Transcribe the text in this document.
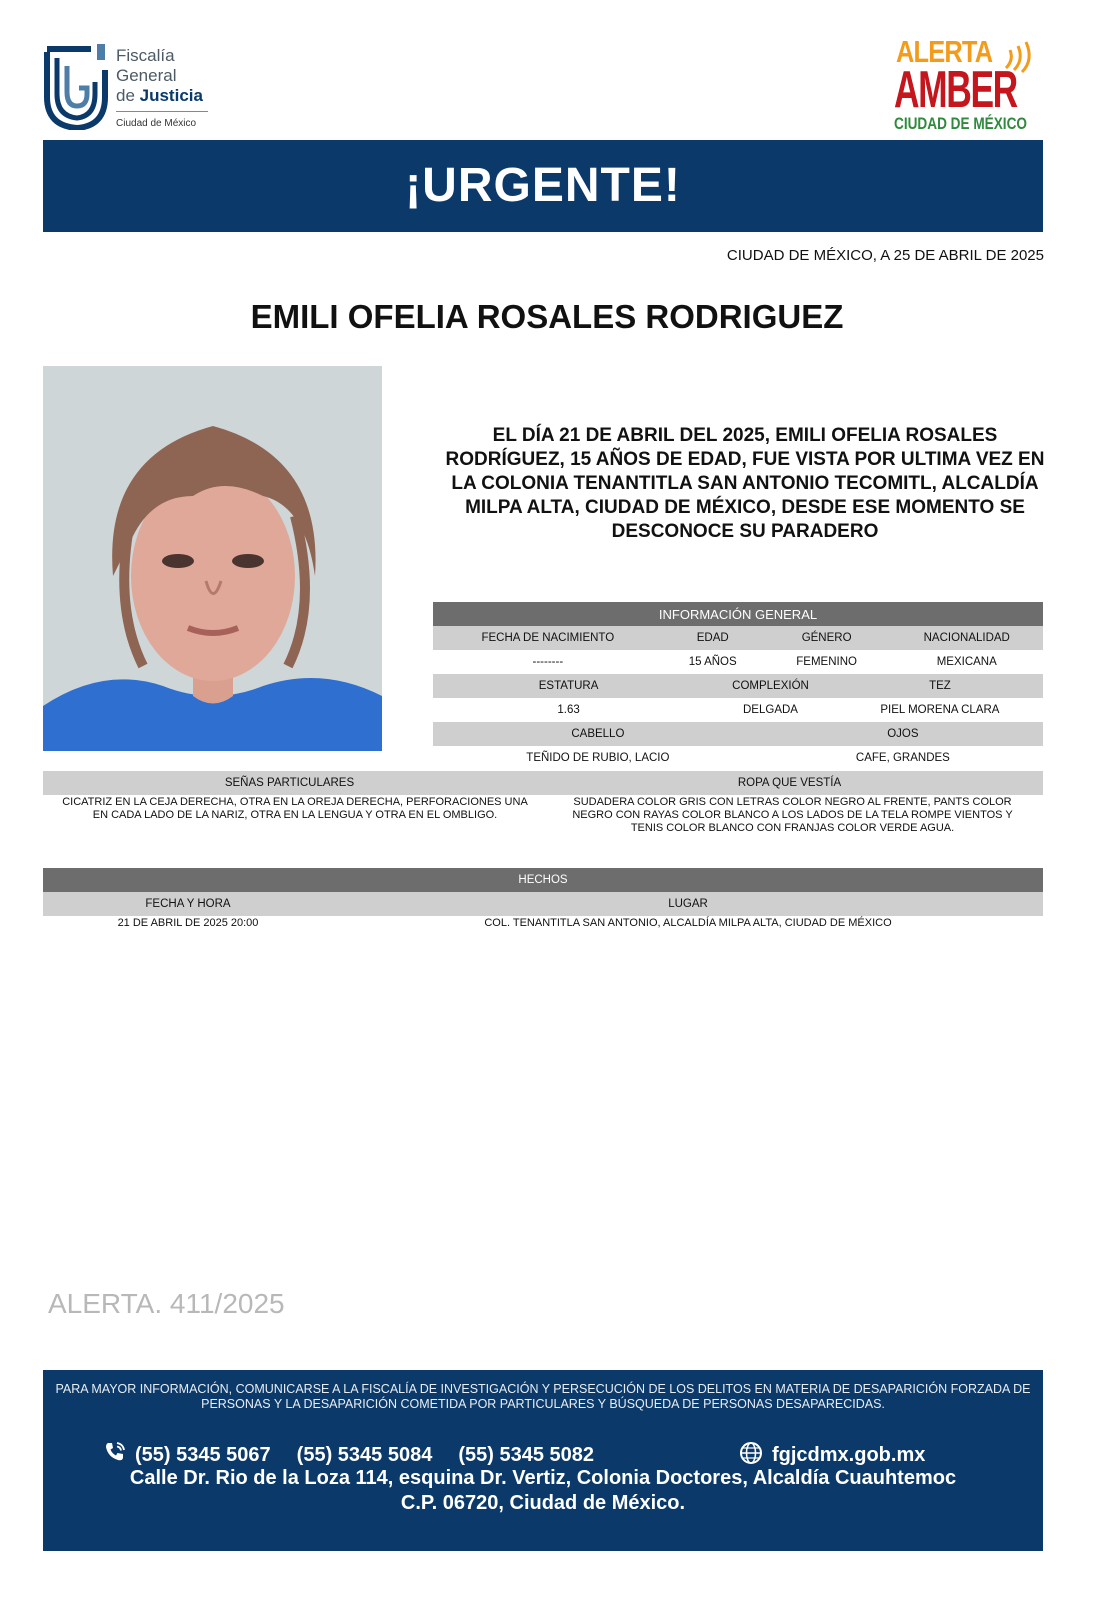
Fiscalía
General
de Justicia
Ciudad de México
ALERTA
AMBER
CIUDAD DE MÉXICO
¡URGENTE!
CIUDAD DE MÉXICO, A 25 DE ABRIL DE 2025
EMILI OFELIA ROSALES RODRIGUEZ
EL DÍA 21 DE ABRIL DEL 2025, EMILI OFELIA ROSALES RODRÍGUEZ, 15 AÑOS DE EDAD, FUE VISTA POR ULTIMA VEZ EN LA COLONIA TENANTITLA SAN ANTONIO TECOMITL, ALCALDÍA MILPA ALTA, CIUDAD DE MÉXICO, DESDE ESE MOMENTO SE DESCONOCE SU PARADERO
INFORMACIÓN GENERAL					
FECHA DE NACIMIENTO	EDAD		GÉNERO		NACIONALIDAD
--------	15 AÑOS		FEMENINO		MEXICANA
ESTATURA		COMPLEXIÓN		TEZ	
1.63		DELGADA		PIEL MORENA CLARA	
CABELLO			OJOS		
TEÑIDO DE RUBIO, LACIO			CAFE, GRANDES		
SEÑAS PARTICULARES	ROPA QUE VESTÍA
CICATRIZ EN LA CEJA DERECHA, OTRA EN LA OREJA DERECHA, PERFORACIONES UNA EN CADA LADO DE LA NARIZ, OTRA EN LA LENGUA Y OTRA EN EL OMBLIGO.
SUDADERA COLOR GRIS CON LETRAS COLOR NEGRO AL FRENTE, PANTS COLOR NEGRO CON RAYAS COLOR BLANCO A LOS LADOS DE LA TELA ROMPE VIENTOS Y TENIS COLOR BLANCO CON FRANJAS COLOR VERDE AGUA.
HECHOS
FECHA Y HORA	LUGAR
21 DE ABRIL DE 2025 20:00	COL. TENANTITLA SAN ANTONIO, ALCALDÍA MILPA ALTA, CIUDAD DE MÉXICO
ALERTA. 411/2025
PARA MAYOR INFORMACIÓN, COMUNICARSE A LA FISCALÍA DE INVESTIGACIÓN Y PERSECUCIÓN DE LOS DELITOS EN MATERIA DE DESAPARICIÓN FORZADA DE PERSONAS Y LA DESAPARICIÓN COMETIDA POR PARTICULARES Y BÚSQUEDA DE PERSONAS DESAPARECIDAS.
(55) 5345 5067 (55) 5345 5084 (55) 5345 5082	fgjcdmx.gob.mx
Calle Dr. Rio de la Loza 114, esquina Dr. Vertiz, Colonia Doctores, Alcaldía Cuauhtemoc
C.P. 06720, Ciudad de México.
